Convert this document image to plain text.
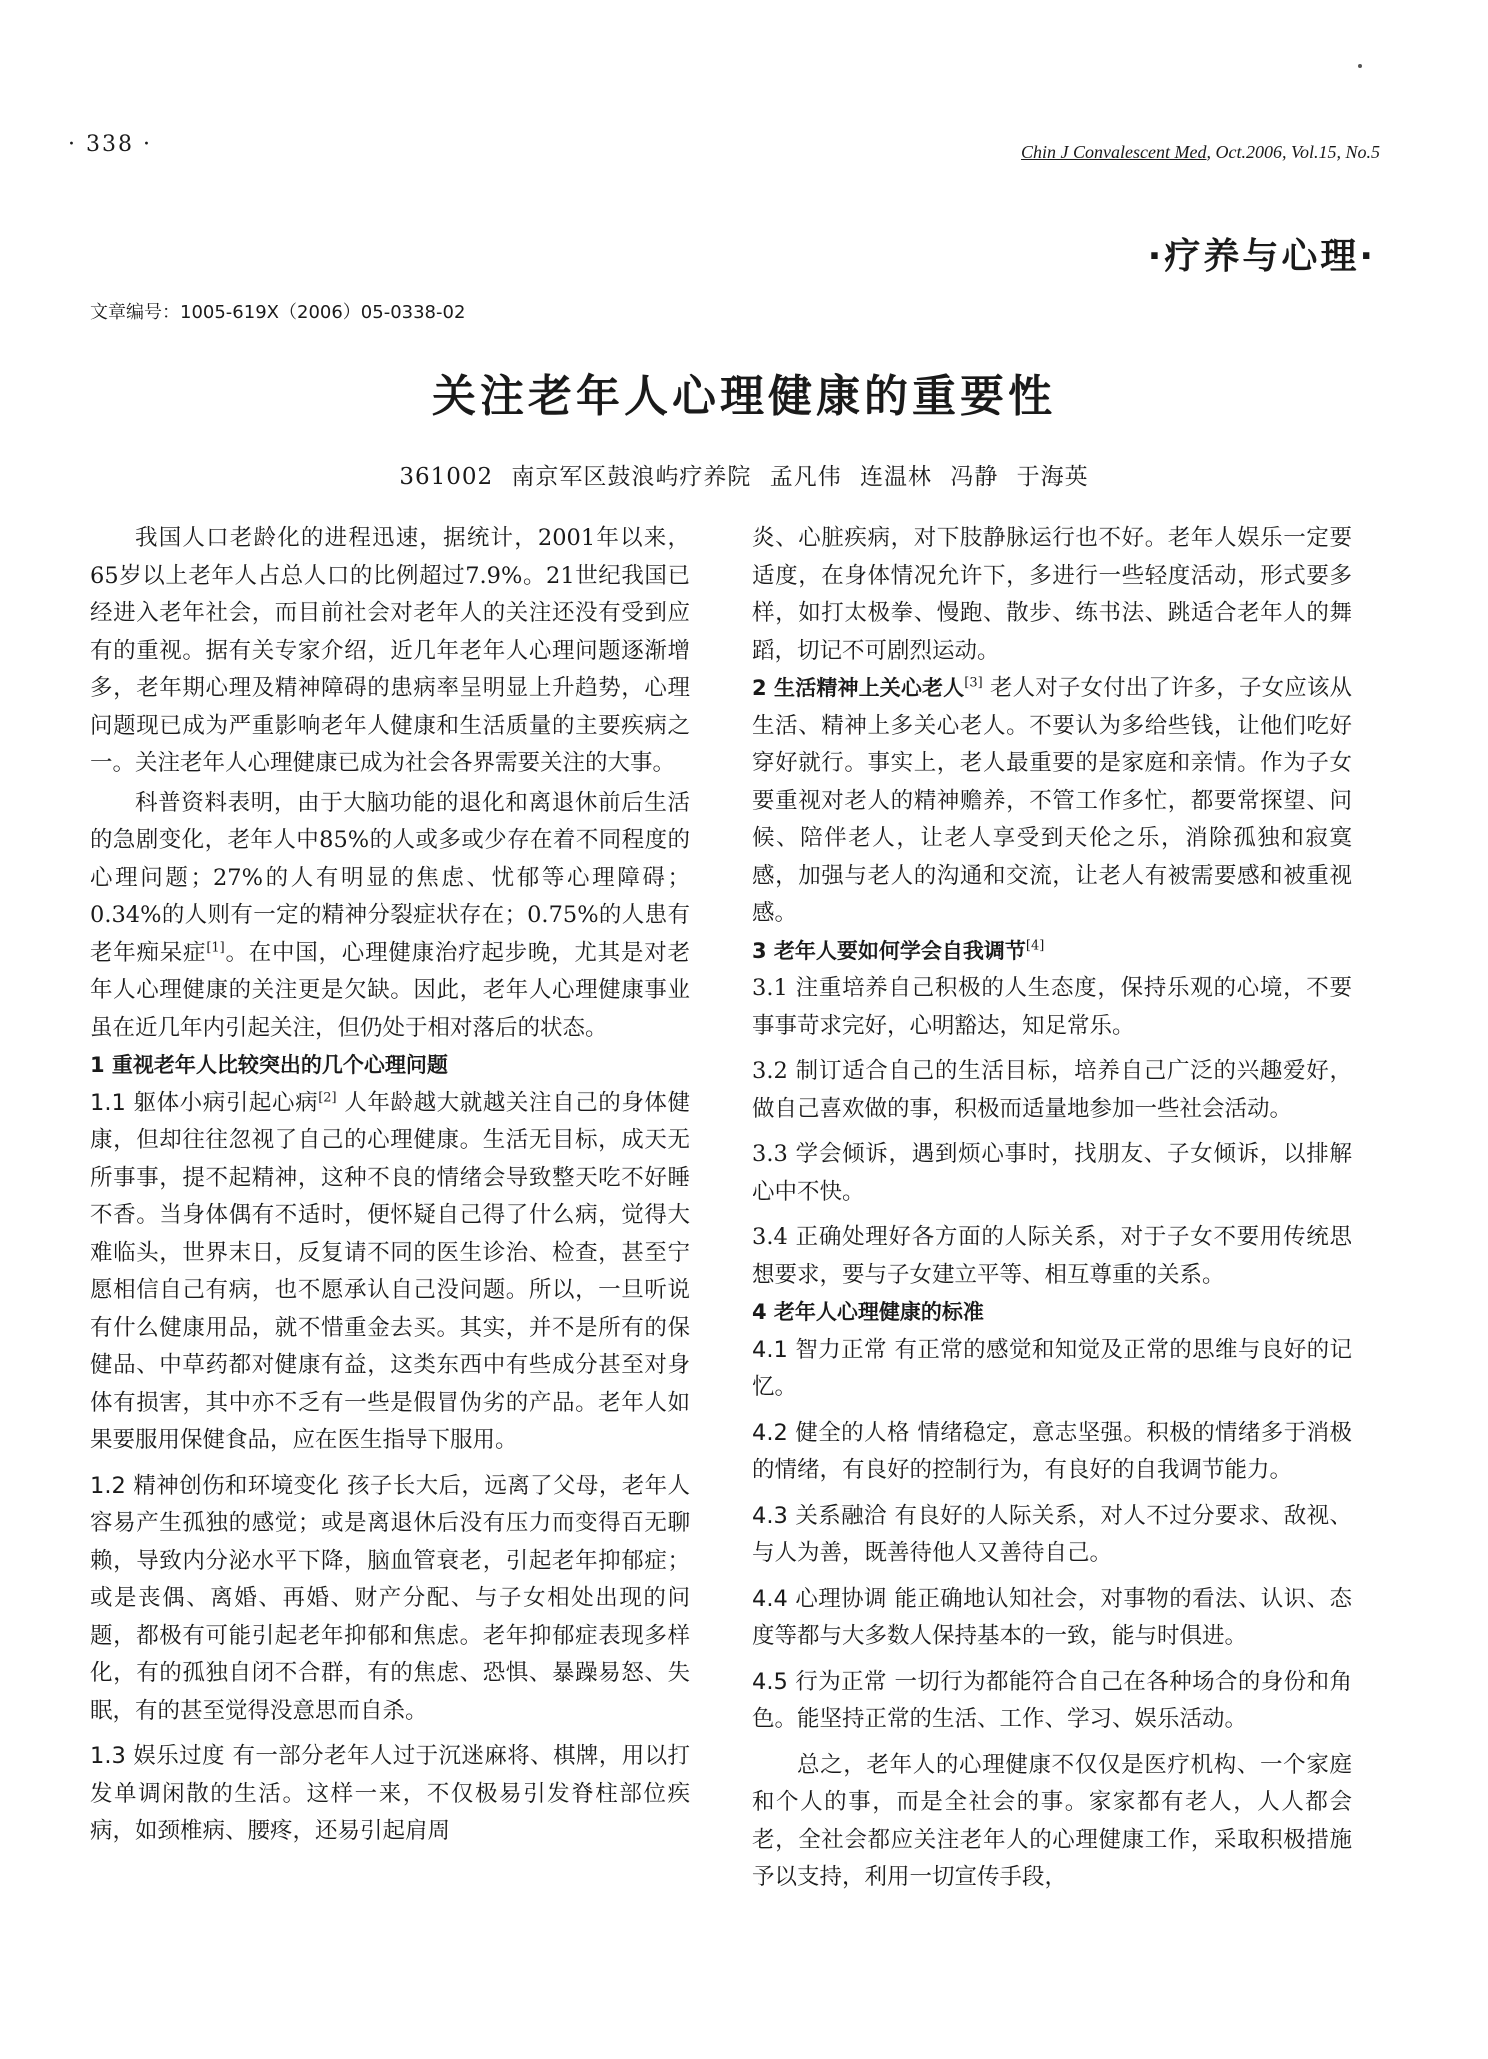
· 338 ·	Chin J Convalescent Med, Oct.2006, Vol.15, No.5
·疗养与心理·
文章编号：1005-619X（2006）05-0338-02
关注老年人心理健康的重要性
361002 南京军区鼓浪屿疗养院 孟凡伟 连温林 冯静 于海英

我国人口老龄化的进程迅速，据统计，2001年以来，65岁以上老年人占总人口的比例超过7.9%。21世纪我国已经进入老年社会，而目前社会对老年人的关注还没有受到应有的重视。据有关专家介绍，近几年老年人心理问题逐渐增多，老年期心理及精神障碍的患病率呈明显上升趋势，心理问题现已成为严重影响老年人健康和生活质量的主要疾病之一。关注老年人心理健康已成为社会各界需要关注的大事。

科普资料表明，由于大脑功能的退化和离退休前后生活的急剧变化，老年人中85%的人或多或少存在着不同程度的心理问题；27%的人有明显的焦虑、忧郁等心理障碍；0.34%的人则有一定的精神分裂症状存在；0.75%的人患有老年痴呆症[1]。在中国，心理健康治疗起步晚，尤其是对老年人心理健康的关注更是欠缺。因此，老年人心理健康事业虽在近几年内引起关注，但仍处于相对落后的状态。

1 重视老年人比较突出的几个心理问题

1.1 躯体小病引起心病[2] 人年龄越大就越关注自己的身体健康，但却往往忽视了自己的心理健康。生活无目标，成天无所事事，提不起精神，这种不良的情绪会导致整天吃不好睡不香。当身体偶有不适时，便怀疑自己得了什么病，觉得大难临头，世界末日，反复请不同的医生诊治、检查，甚至宁愿相信自己有病，也不愿承认自己没问题。所以，一旦听说有什么健康用品，就不惜重金去买。其实，并不是所有的保健品、中草药都对健康有益，这类东西中有些成分甚至对身体有损害，其中亦不乏有一些是假冒伪劣的产品。老年人如果要服用保健食品，应在医生指导下服用。

1.2 精神创伤和环境变化 孩子长大后，远离了父母，老年人容易产生孤独的感觉；或是离退休后没有压力而变得百无聊赖，导致内分泌水平下降，脑血管衰老，引起老年抑郁症；或是丧偶、离婚、再婚、财产分配、与子女相处出现的问题，都极有可能引起老年抑郁和焦虑。老年抑郁症表现多样化，有的孤独自闭不合群，有的焦虑、恐惧、暴躁易怒、失眠，有的甚至觉得没意思而自杀。

1.3 娱乐过度 有一部分老年人过于沉迷麻将、棋牌，用以打发单调闲散的生活。这样一来，不仅极易引发脊柱部位疾病，如颈椎病、腰疼，还易引起肩周

炎、心脏疾病，对下肢静脉运行也不好。老年人娱乐一定要适度，在身体情况允许下，多进行一些轻度活动，形式要多样，如打太极拳、慢跑、散步、练书法、跳适合老年人的舞蹈，切记不可剧烈运动。

2 生活精神上关心老人[3] 老人对子女付出了许多，子女应该从生活、精神上多关心老人。不要认为多给些钱，让他们吃好穿好就行。事实上，老人最重要的是家庭和亲情。作为子女要重视对老人的精神赡养，不管工作多忙，都要常探望、问候、陪伴老人，让老人享受到天伦之乐，消除孤独和寂寞感，加强与老人的沟通和交流，让老人有被需要感和被重视感。

3 老年人要如何学会自我调节[4]

3.1 注重培养自己积极的人生态度，保持乐观的心境，不要事事苛求完好，心明豁达，知足常乐。

3.2 制订适合自己的生活目标，培养自己广泛的兴趣爱好，做自己喜欢做的事，积极而适量地参加一些社会活动。

3.3 学会倾诉，遇到烦心事时，找朋友、子女倾诉，以排解心中不快。

3.4 正确处理好各方面的人际关系，对于子女不要用传统思想要求，要与子女建立平等、相互尊重的关系。

4 老年人心理健康的标准

4.1 智力正常 有正常的感觉和知觉及正常的思维与良好的记忆。

4.2 健全的人格 情绪稳定，意志坚强。积极的情绪多于消极的情绪，有良好的控制行为，有良好的自我调节能力。

4.3 关系融洽 有良好的人际关系，对人不过分要求、敌视、与人为善，既善待他人又善待自己。

4.4 心理协调 能正确地认知社会，对事物的看法、认识、态度等都与大多数人保持基本的一致，能与时俱进。

4.5 行为正常 一切行为都能符合自己在各种场合的身份和角色。能坚持正常的生活、工作、学习、娱乐活动。

总之，老年人的心理健康不仅仅是医疗机构、一个家庭和个人的事，而是全社会的事。家家都有老人，人人都会老，全社会都应关注老年人的心理健康工作，采取积极措施予以支持，利用一切宣传手段，
